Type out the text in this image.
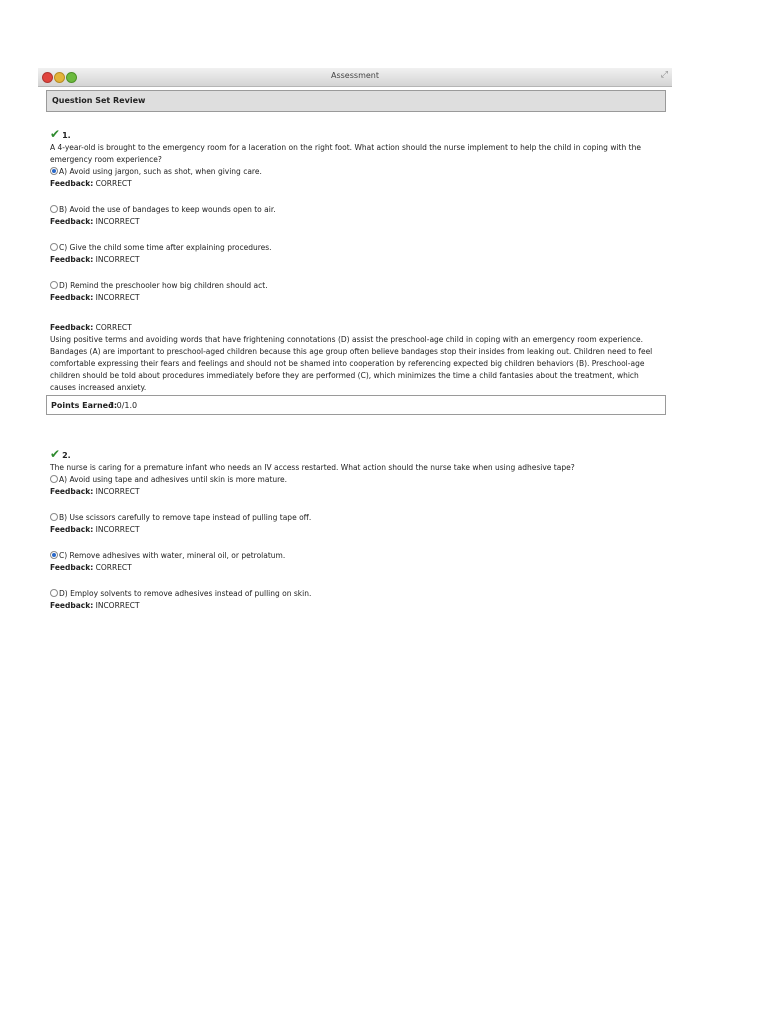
Assessment	⤢
Question Set Review
✔ 1.
A 4-year-old is brought to the emergency room for a laceration on the right foot. What action should the nurse implement to help the child in coping with the emergency room experience?
A) Avoid using jargon, such as shot, when giving care.
Feedback: CORRECT
B) Avoid the use of bandages to keep wounds open to air.
Feedback: INCORRECT
C) Give the child some time after explaining procedures.
Feedback: INCORRECT
D) Remind the preschooler how big children should act.
Feedback: INCORRECT
Feedback: CORRECT
Using positive terms and avoiding words that have frightening connotations (D) assist the preschool-age child in coping with an emergency room experience. Bandages (A) are important to preschool-aged children because this age group often believe bandages stop their insides from leaking out. Children need to feel comfortable expressing their fears and feelings and should not be shamed into cooperation by referencing expected big children behaviors (B). Preschool-age children should be told about procedures immediately before they are performed (C), which minimizes the time a child fantasies about the treatment, which causes increased anxiety.
Points Earned:
1.0/1.0
✔ 2.
The nurse is caring for a premature infant who needs an IV access restarted. What action should the nurse take when using adhesive tape?
A) Avoid using tape and adhesives until skin is more mature.
Feedback: INCORRECT
B) Use scissors carefully to remove tape instead of pulling tape off.
Feedback: INCORRECT
C) Remove adhesives with water, mineral oil, or petrolatum.
Feedback: CORRECT
D) Employ solvents to remove adhesives instead of pulling on skin.
Feedback: INCORRECT
